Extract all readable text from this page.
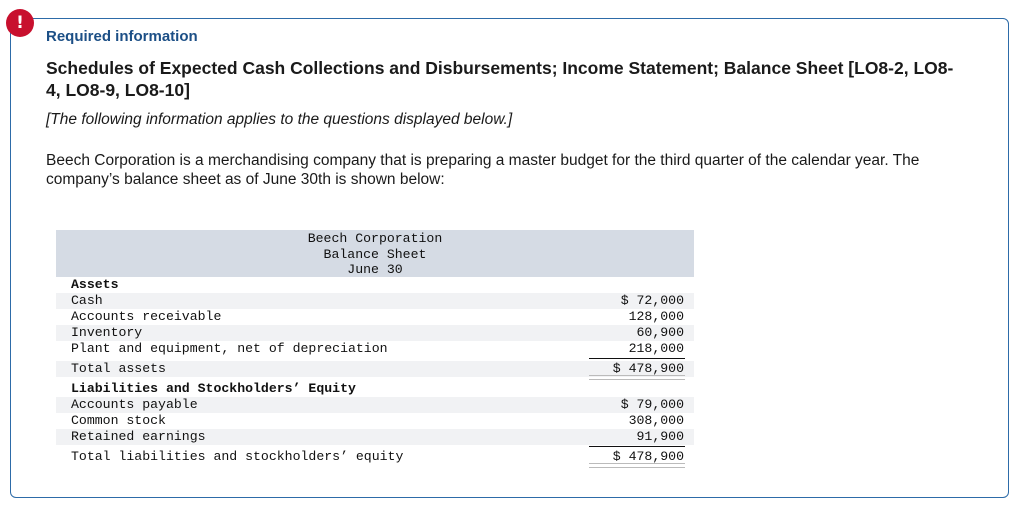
!
Required information
Schedules of Expected Cash Collections and Disbursements; Income Statement; Balance Sheet [LO8-2, LO8-4, LO8-9, LO8-10]
[The following information applies to the questions displayed below.]
Beech Corporation is a merchandising company that is preparing a master budget for the third quarter of the calendar year. The company’s balance sheet as of June 30th is shown below:
Beech Corporation
Balance Sheet
June 30
Assets
Cash	$ 72,000
Accounts receivable	128,000
Inventory	60,900
Plant and equipment, net of depreciation	218,000
Total assets	$ 478,900
Liabilities and Stockholders’ Equity
Accounts payable	$ 79,000
Common stock	308,000
Retained earnings	91,900
Total liabilities and stockholders’ equity	$ 478,900
